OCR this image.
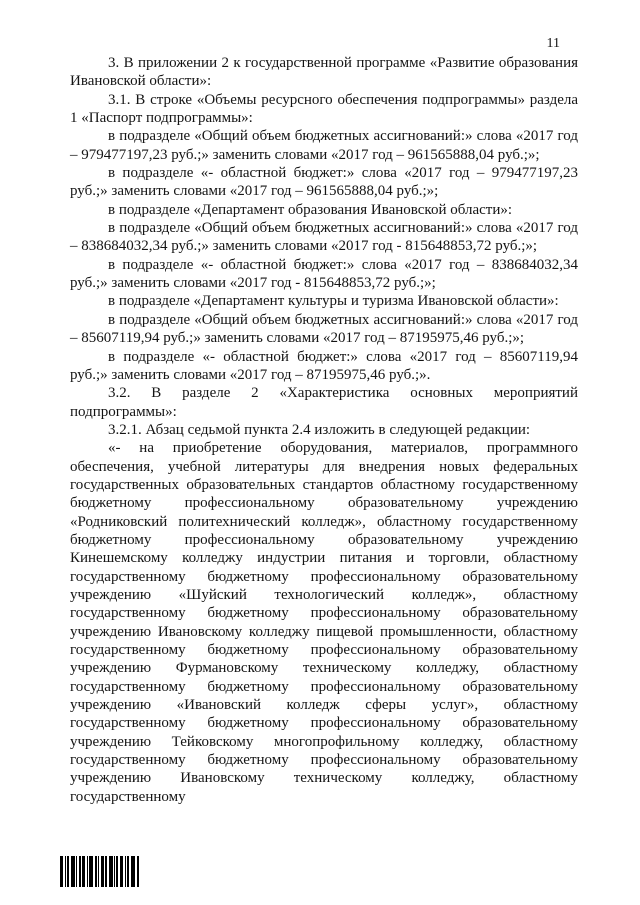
11

3. В приложении 2 к государственной программе «Развитие образования Ивановской области»:

3.1. В строке «Объемы ресурсного обеспечения подпрограммы» раздела 1 «Паспорт подпрограммы»:

в подразделе «Общий объем бюджетных ассигнований:» слова «2017 год – 979477197,23 руб.;» заменить словами «2017 год – 961565888,04 руб.;»;

в подразделе «- областной бюджет:» слова «2017 год – 979477197,23 руб.;» заменить словами «2017 год – 961565888,04 руб.;»;

в подразделе «Департамент образования Ивановской области»:

в подразделе «Общий объем бюджетных ассигнований:» слова «2017 год – 838684032,34 руб.;» заменить словами «2017 год - 815648853,72 руб.;»;

в подразделе «- областной бюджет:» слова «2017 год – 838684032,34 руб.;» заменить словами «2017 год - 815648853,72 руб.;»;

в подразделе «Департамент культуры и туризма Ивановской области»:

в подразделе «Общий объем бюджетных ассигнований:» слова «2017 год – 85607119,94 руб.;» заменить словами «2017 год – 87195975,46 руб.;»;

в подразделе «- областной бюджет:» слова «2017 год – 85607119,94 руб.;» заменить словами «2017 год – 87195975,46 руб.;».

3.2. В разделе 2 «Характеристика основных мероприятий подпрограммы»:

3.2.1. Абзац седьмой пункта 2.4 изложить в следующей редакции:

«- на приобретение оборудования, материалов, программного обеспечения, учебной литературы для внедрения новых федеральных государственных образовательных стандартов областному государственному бюджетному профессиональному образовательному учреждению «Родниковский политехнический колледж», областному государственному бюджетному профессиональному образовательному учреждению Кинешемскому колледжу индустрии питания и торговли, областному государственному бюджетному профессиональному образовательному учреждению «Шуйский технологический колледж», областному государственному бюджетному профессиональному образовательному учреждению Ивановскому колледжу пищевой промышленности, областному государственному бюджетному профессиональному образовательному учреждению Фурмановскому техническому колледжу, областному государственному бюджетному профессиональному образовательному учреждению «Ивановский колледж сферы услуг», областному государственному бюджетному профессиональному образовательному учреждению Тейковскому многопрофильному колледжу, областному государственному бюджетному профессиональному образовательному учреждению Ивановскому техническому колледжу, областному государственному
